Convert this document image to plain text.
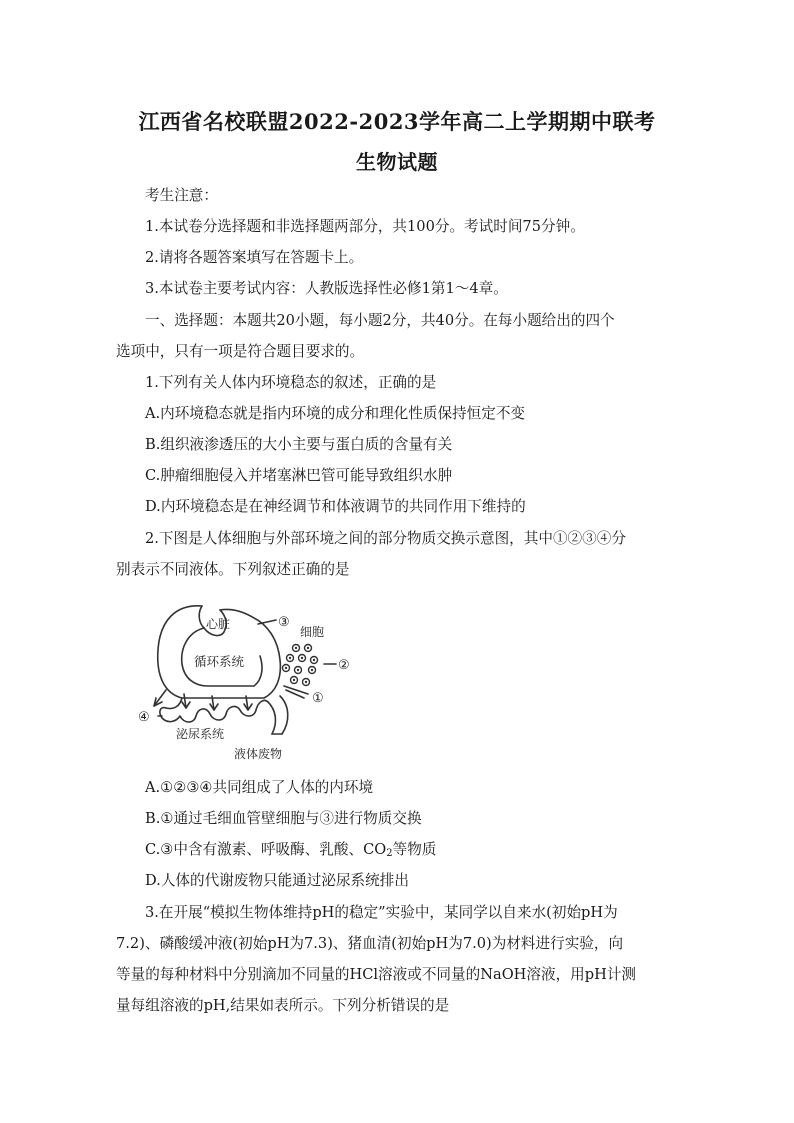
江西省名校联盟2022-2023学年高二上学期期中联考
生物试题
考生注意：
1.本试卷分选择题和非选择题两部分，共100分。考试时间75分钟。
2.请将各题答案填写在答题卡上。
3.本试卷主要考试内容：人教版选择性必修1第1～4章。
一、选择题：本题共20小题，每小题2分，共40分。在每小题给出的四个
选项中，只有一项是符合题目要求的。
1.下列有关人体内环境稳态的叙述，正确的是
A.内环境稳态就是指内环境的成分和理化性质保持恒定不变
B.组织液渗透压的大小主要与蛋白质的含量有关
C.肿瘤细胞侵入并堵塞淋巴管可能导致组织水肿
D.内环境稳态是在神经调节和体液调节的共同作用下维持的
2.下图是人体细胞与外部环境之间的部分物质交换示意图，其中①②③④分
别表示不同液体。下列叙述正确的是
心脏
循环系统
细胞
泌尿系统
液体废物
①
②
③
④
A.①②③④共同组成了人体的内环境
B.①通过毛细血管壁细胞与③进行物质交换
C.③中含有激素、呼吸酶、乳酸、$CO_2$等物质
D.人体的代谢废物只能通过泌尿系统排出
3.在开展“模拟生物体维持pH的稳定”实验中，某同学以自来水(初始pH为
7.2)、磷酸缓冲液(初始pH为7.3)、猪血清(初始pH为7.0)为材料进行实验，向
等量的每种材料中分别滴加不同量的HCl溶液或不同量的NaOH溶液，用pH计测
量每组溶液的pH,结果如表所示。下列分析错误的是
